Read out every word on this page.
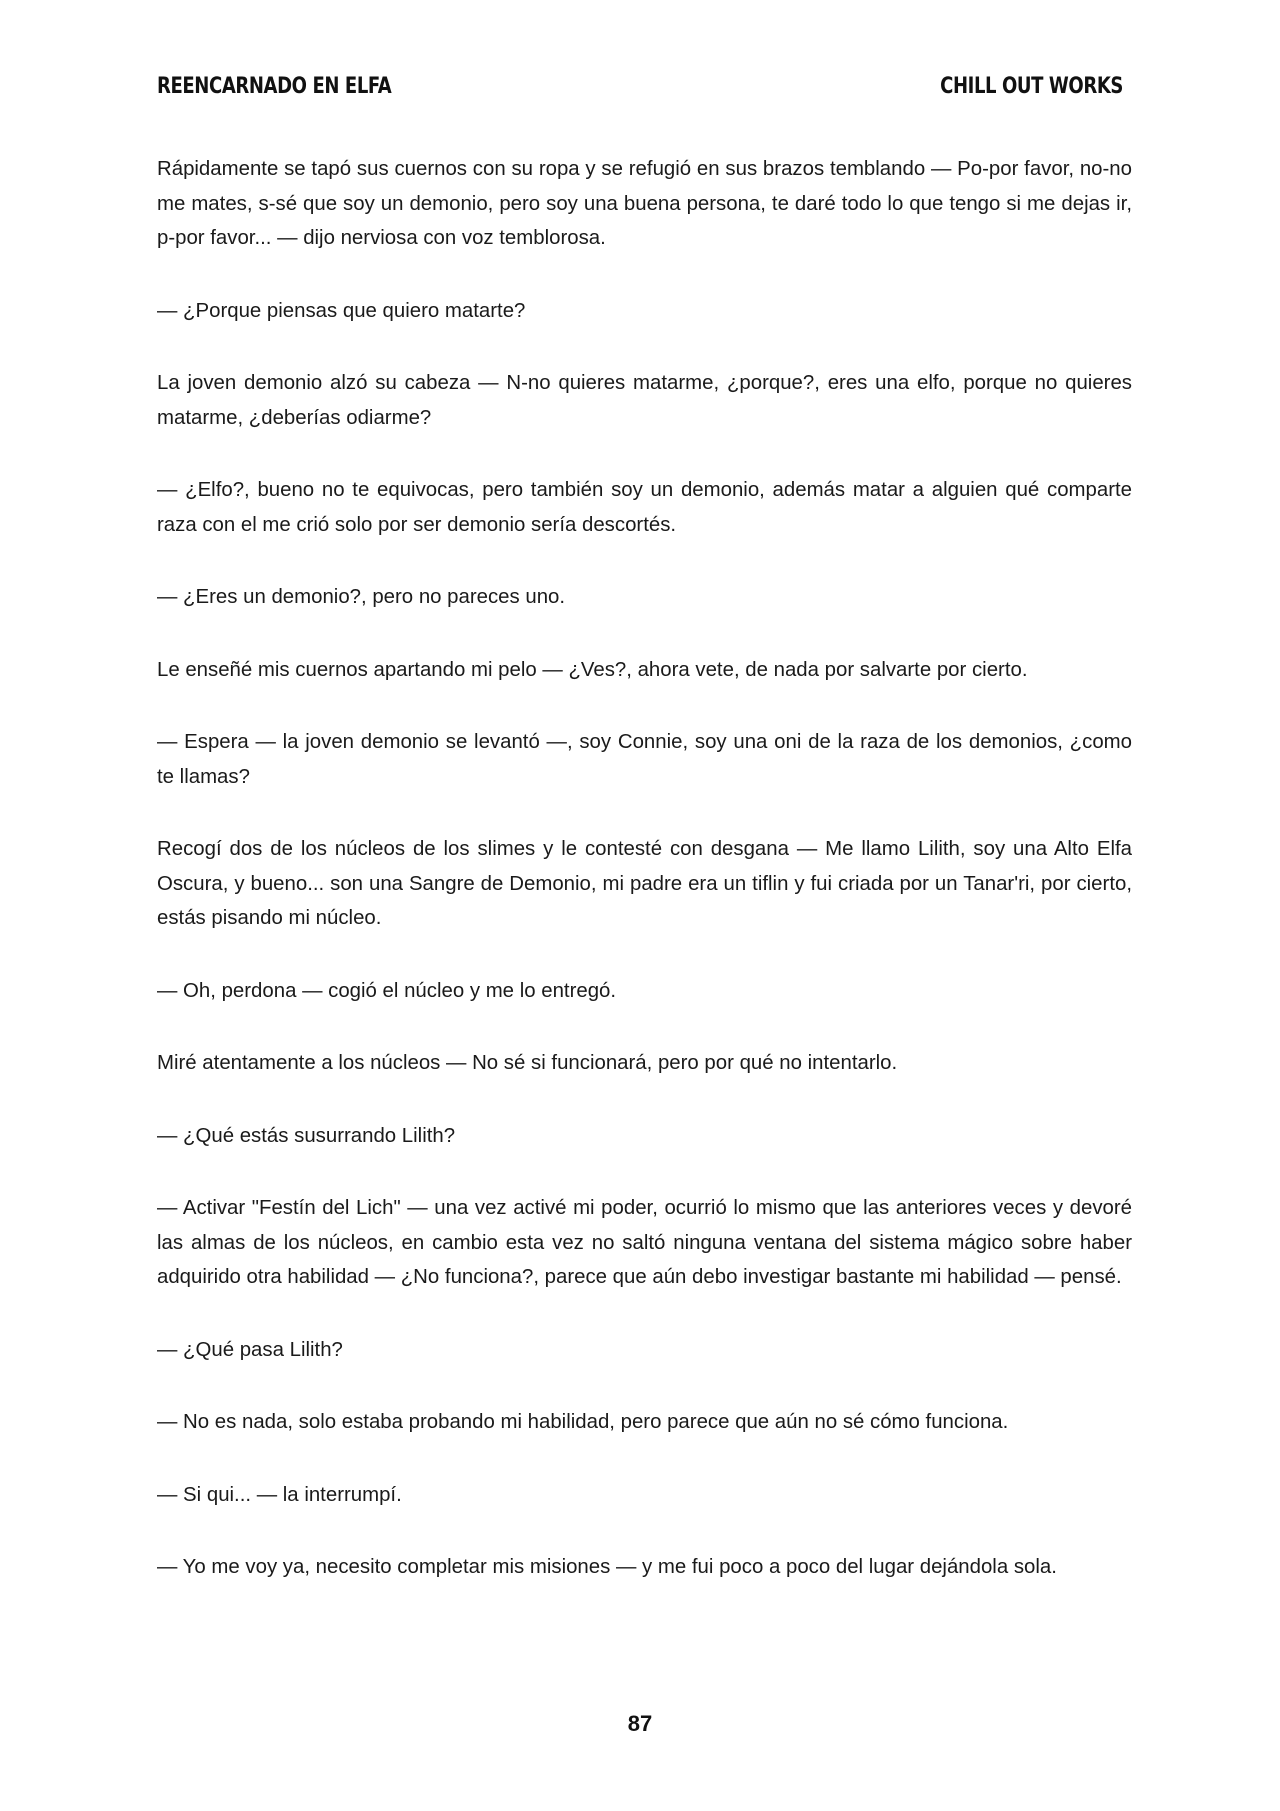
REENCARNADO EN ELFA	CHILL OUT WORKS

Rápidamente se tapó sus cuernos con su ropa y se refugió en sus brazos temblando — Po-por favor, no-no me mates, s-sé que soy un demonio, pero soy una buena persona, te daré todo lo que tengo si me dejas ir, p-por favor... — dijo nerviosa con voz temblorosa.

— ¿Porque piensas que quiero matarte?

La joven demonio alzó su cabeza — N-no quieres matarme, ¿porque?, eres una elfo, porque no quieres matarme, ¿deberías odiarme?

— ¿Elfo?, bueno no te equivocas, pero también soy un demonio, además matar a alguien qué comparte raza con el me crió solo por ser demonio sería descortés.

— ¿Eres un demonio?, pero no pareces uno.

Le enseñé mis cuernos apartando mi pelo — ¿Ves?, ahora vete, de nada por salvarte por cierto.

— Espera — la joven demonio se levantó —, soy Connie, soy una oni de la raza de los demonios, ¿como te llamas?

Recogí dos de los núcleos de los slimes y le contesté con desgana — Me llamo Lilith, soy una Alto Elfa Oscura, y bueno... son una Sangre de Demonio, mi padre era un tiflin y fui criada por un Tanar'ri, por cierto, estás pisando mi núcleo.

— Oh, perdona — cogió el núcleo y me lo entregó.

Miré atentamente a los núcleos — No sé si funcionará, pero por qué no intentarlo.

— ¿Qué estás susurrando Lilith?

— Activar "Festín del Lich" — una vez activé mi poder, ocurrió lo mismo que las anteriores veces y devoré las almas de los núcleos, en cambio esta vez no saltó ninguna ventana del sistema mágico sobre haber adquirido otra habilidad — ¿No funciona?, parece que aún debo investigar bastante mi habilidad — pensé.

— ¿Qué pasa Lilith?

— No es nada, solo estaba probando mi habilidad, pero parece que aún no sé cómo funciona.

— Si qui... — la interrumpí.

— Yo me voy ya, necesito completar mis misiones — y me fui poco a poco del lugar dejándola sola.

87
